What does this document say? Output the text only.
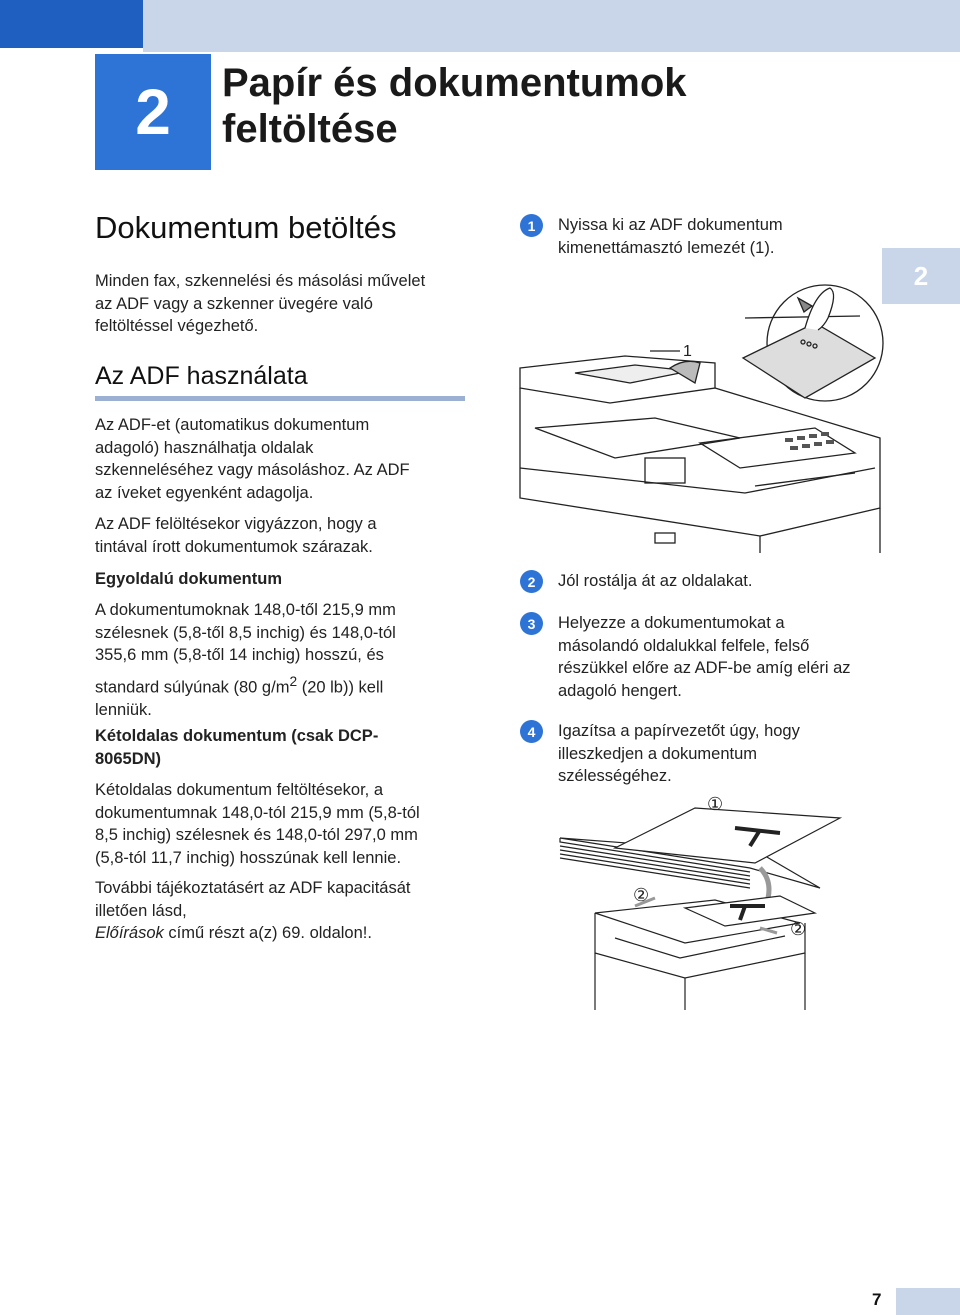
2	Papír és dokumentumok
feltöltése
2
Dokumentum betöltés
Minden fax, szkennelési és másolási művelet
az ADF vagy a szkenner üvegére való
feltöltéssel végezhető.
Az ADF használata
Az ADF-et (automatikus dokumentum
adagoló) használhatja oldalak
szkenneléséhez vagy másoláshoz. Az ADF
az íveket egyenként adagolja.
Az ADF felöltésekor vigyázzon, hogy a
tintával írott dokumentumok szárazak.
Egyoldalú dokumentum
A dokumentumoknak 148,0-től 215,9 mm
szélesnek (5,8-től 8,5 inchig) és 148,0-tól
355,6 mm (5,8-től 14 inchig) hosszú, és
standard súlyúnak (80 $g/m^2$ (20 lb)) kell
lenniük.
Kétoldalas dokumentum (csak DCP-
8065DN)
Kétoldalas dokumentum feltöltésekor, a
dokumentumnak 148,0-tól 215,9 mm (5,8-tól
8,5 inchig) szélesnek és 148,0-tól 297,0 mm
(5,8-tól 11,7 inchig) hosszúnak kell lennie.
További tájékoztatásért az ADF kapacitását
illetően lásd,
Előírások című részt a(z) 69. oldalon!.
1	Nyissa ki az ADF dokumentum
kimenettámasztó lemezét (1).
1
2	Jól rostálja át az oldalakat.
3	Helyezze a dokumentumokat a
másolandó oldalukkal felfele, felső
részükkel előre az ADF-be amíg eléri az
adagoló hengert.
4	Igazítsa a papírvezetőt úgy, hogy
illeszkedjen a dokumentum
szélességéhez.
①
②
②
7
